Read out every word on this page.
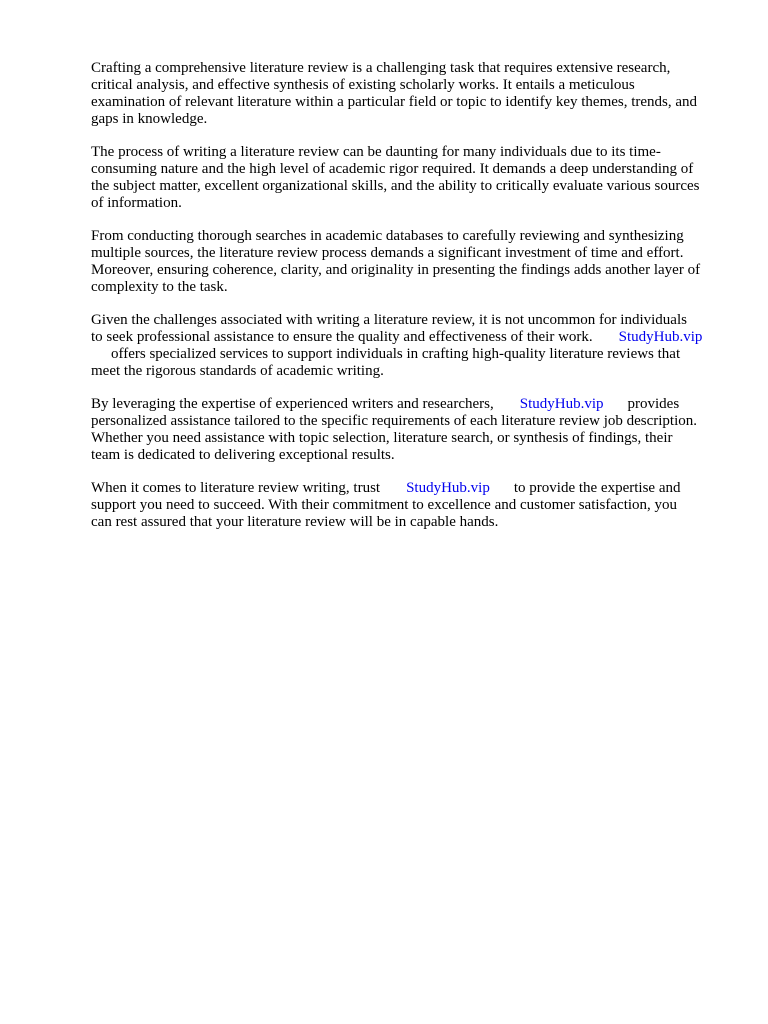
Crafting a comprehensive literature review is a challenging task that requires extensive research,
critical analysis, and effective synthesis of existing scholarly works. It entails a meticulous
examination of relevant literature within a particular field or topic to identify key themes, trends, and
gaps in knowledge.
The process of writing a literature review can be daunting for many individuals due to its time-
consuming nature and the high level of academic rigor required. It demands a deep understanding of
the subject matter, excellent organizational skills, and the ability to critically evaluate various sources
of information.
From conducting thorough searches in academic databases to carefully reviewing and synthesizing
multiple sources, the literature review process demands a significant investment of time and effort.
Moreover, ensuring coherence, clarity, and originality in presenting the findings adds another layer of
complexity to the task.
Given the challenges associated with writing a literature review, it is not uncommon for individuals
to seek professional assistance to ensure the quality and effectiveness of their work. StudyHub.vip
offers specialized services to support individuals in crafting high-quality literature reviews that
meet the rigorous standards of academic writing.
By leveraging the expertise of experienced writers and researchers, StudyHub.vip provides
personalized assistance tailored to the specific requirements of each literature review job description.
Whether you need assistance with topic selection, literature search, or synthesis of findings, their
team is dedicated to delivering exceptional results.
When it comes to literature review writing, trust StudyHub.vip to provide the expertise and
support you need to succeed. With their commitment to excellence and customer satisfaction, you
can rest assured that your literature review will be in capable hands.
